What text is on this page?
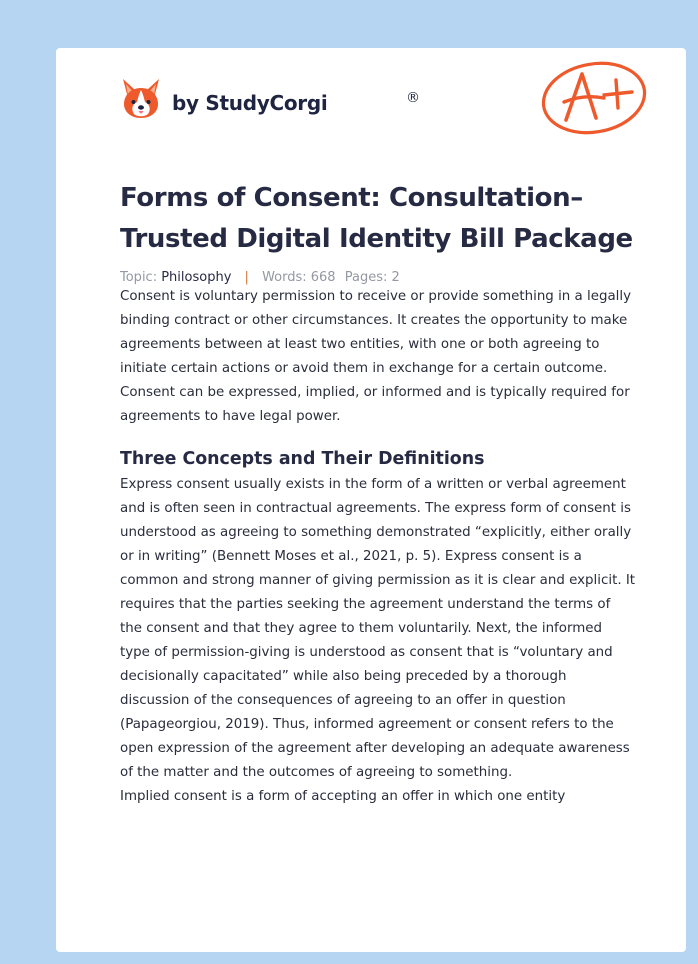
by StudyCorgi	®
Forms of Consent: Consultation–Trusted Digital Identity Bill Package
Topic: Philosophy | Words: 668 Pages: 2

Consent is voluntary permission to receive or provide something in a legally binding contract or other circumstances. It creates the opportunity to make agreements between at least two entities, with one or both agreeing to initiate certain actions or avoid them in exchange for a certain outcome. Consent can be expressed, implied, or informed and is typically required for agreements to have legal power.

Three Concepts and Their Definitions

Express consent usually exists in the form of a written or verbal agreement and is often seen in contractual agreements. The express form of consent is understood as agreeing to something demonstrated “explicitly, either orally or in writing” (Bennett Moses et al., 2021, p. 5). Express consent is a common and strong manner of giving permission as it is clear and explicit. It requires that the parties seeking the agreement understand the terms of the consent and that they agree to them voluntarily. Next, the informed type of permission-giving is understood as consent that is “voluntary and decisionally capacitated” while also being preceded by a thorough discussion of the consequences of agreeing to an offer in question (Papageorgiou, 2019). Thus, informed agreement or consent refers to the open expression of the agreement after developing an adequate awareness of the matter and the outcomes of agreeing to something.

Implied consent is a form of accepting an offer in which one entity
